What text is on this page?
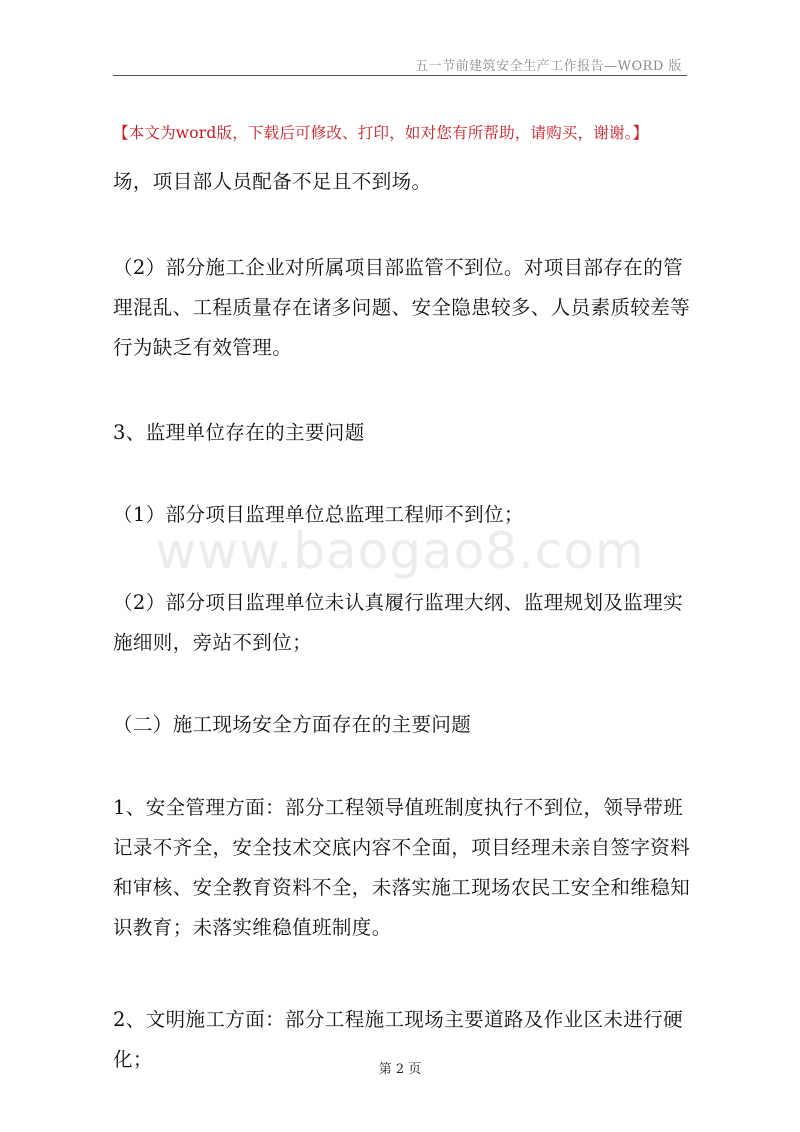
五一节前建筑安全生产工作报告—WORD 版
【本文为word版，下载后可修改、打印，如对您有所帮助，请购买，谢谢。】

场，项目部人员配备不足且不到场。

（2）部分施工企业对所属项目部监管不到位。对项目部存在的管理混乱、工程质量存在诸多问题、安全隐患较多、人员素质较差等行为缺乏有效管理。

3、监理单位存在的主要问题

（1）部分项目监理单位总监理工程师不到位；

www.baogao8.com

（2）部分项目监理单位未认真履行监理大纲、监理规划及监理实施细则，旁站不到位；

（二）施工现场安全方面存在的主要问题

1、安全管理方面：部分工程领导值班制度执行不到位，领导带班记录不齐全，安全技术交底内容不全面，项目经理未亲自签字资料和审核、安全教育资料不全，未落实施工现场农民工安全和维稳知识教育；未落实维稳值班制度。

2、文明施工方面：部分工程施工现场主要道路及作业区未进行硬化；	第 2 页
